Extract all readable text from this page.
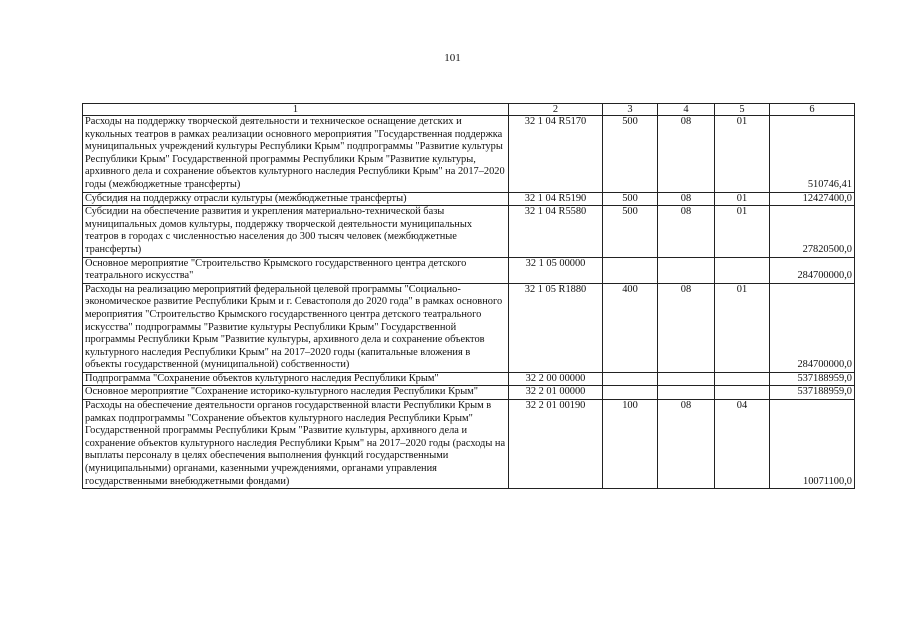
101
1	2	3	4	5	6
Расходы на поддержку творческой деятельности и техническое оснащение детских и кукольных театров в рамках реализации основного мероприятия "Государственная поддержка муниципальных учреждений культуры Республики Крым" подпрограммы "Развитие культуры Республики Крым" Государственной программы Республики Крым "Развитие культуры, архивного дела и сохранение объектов культурного наследия Республики Крым" на 2017–2020 годы (межбюджетные трансферты)	32 1 04 R5170	500	08	01	510746,41
Субсидия на поддержку отрасли культуры (межбюджетные трансферты)	32 1 04 R5190	500	08	01	12427400,0
Субсидии на обеспечение развития и укрепления материально-технической базы муниципальных домов культуры, поддержку творческой деятельности муниципальных театров в городах с численностью населения до 300 тысяч человек (межбюджетные трансферты)	32 1 04 R5580	500	08	01	27820500,0
Основное мероприятие "Строительство Крымского государственного центра детского театрального искусства"	32 1 05 00000				284700000,0
Расходы на реализацию мероприятий федеральной целевой программы "Социально-экономическое развитие Республики Крым и г. Севастополя до 2020 года" в рамках основного мероприятия "Строительство Крымского государственного центра детского театрального искусства" подпрограммы "Развитие культуры Республики Крым" Государственной программы Республики Крым "Развитие культуры, архивного дела и сохранение объектов культурного наследия Республики Крым" на 2017–2020 годы (капитальные вложения в объекты государственной (муниципальной) собственности)	32 1 05 R1880	400	08	01	284700000,0
Подпрограмма "Сохранение объектов культурного наследия Республики Крым"	32 2 00 00000				537188959,0
Основное мероприятие "Сохранение историко-культурного наследия Республики Крым"	32 2 01 00000				537188959,0
Расходы на обеспечение деятельности органов государственной власти Республики Крым в рамках подпрограммы "Сохранение объектов культурного наследия Республики Крым" Государственной программы Республики Крым "Развитие культуры, архивного дела и сохранение объектов культурного наследия Республики Крым" на 2017–2020 годы (расходы на выплаты персоналу в целях обеспечения выполнения функций государственными (муниципальными) органами, казенными учреждениями, органами управления государственными внебюджетными фондами)	32 2 01 00190	100	08	04	10071100,0
